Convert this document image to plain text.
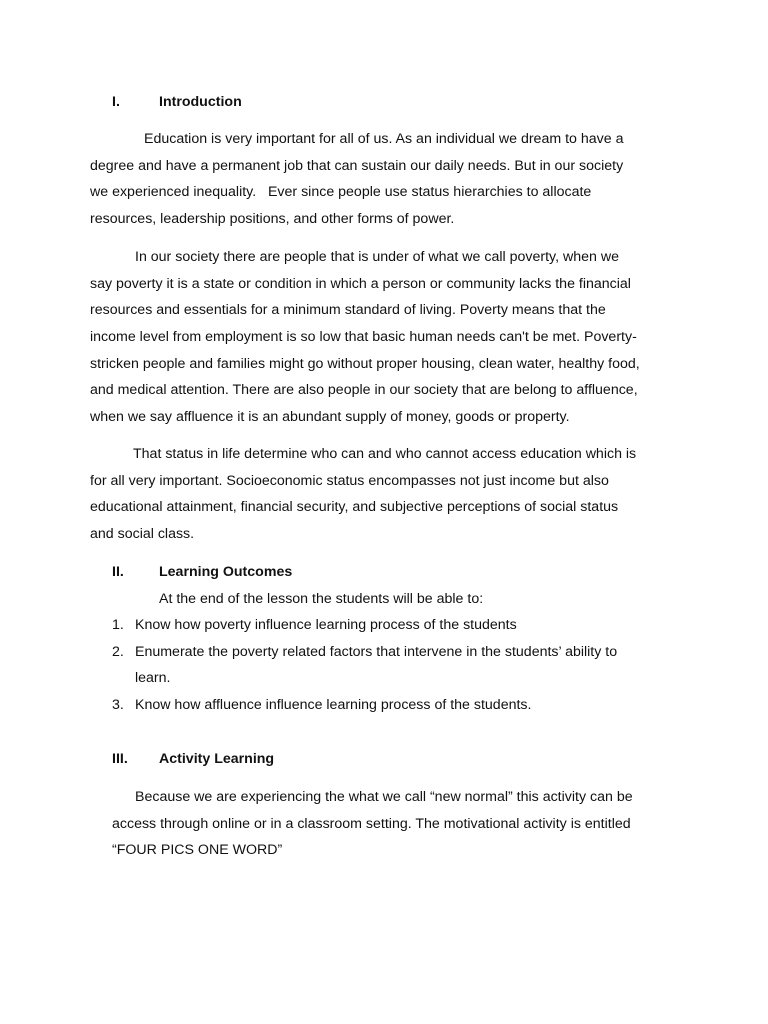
I.	Introduction
Education is very important for all of us. As an individual we dream to have a
degree and have a permanent job that can sustain our daily needs. But in our society
we experienced inequality.   Ever since people use status hierarchies to allocate
resources, leadership positions, and other forms of power.
In our society there are people that is under of what we call poverty, when we
say poverty it is a state or condition in which a person or community lacks the financial
resources and essentials for a minimum standard of living. Poverty means that the
income level from employment is so low that basic human needs can't be met. Poverty-
stricken people and families might go without proper housing, clean water, healthy food,
and medical attention. There are also people in our society that are belong to affluence,
when we say affluence it is an abundant supply of money, goods or property.
That status in life determine who can and who cannot access education which is
for all very important. Socioeconomic status encompasses not just income but also
educational attainment, financial security, and subjective perceptions of social status
and social class.
II. Learning Outcomes
At the end of the lesson the students will be able to:
1. Know how poverty influence learning process of the students
2. Enumerate the poverty related factors that intervene in the students’ ability to
learn.
3. Know how affluence influence learning process of the students.
III. Activity Learning
Because we are experiencing the what we call “new normal” this activity can be
access through online or in a classroom setting. The motivational activity is entitled
“FOUR PICS ONE WORD”
